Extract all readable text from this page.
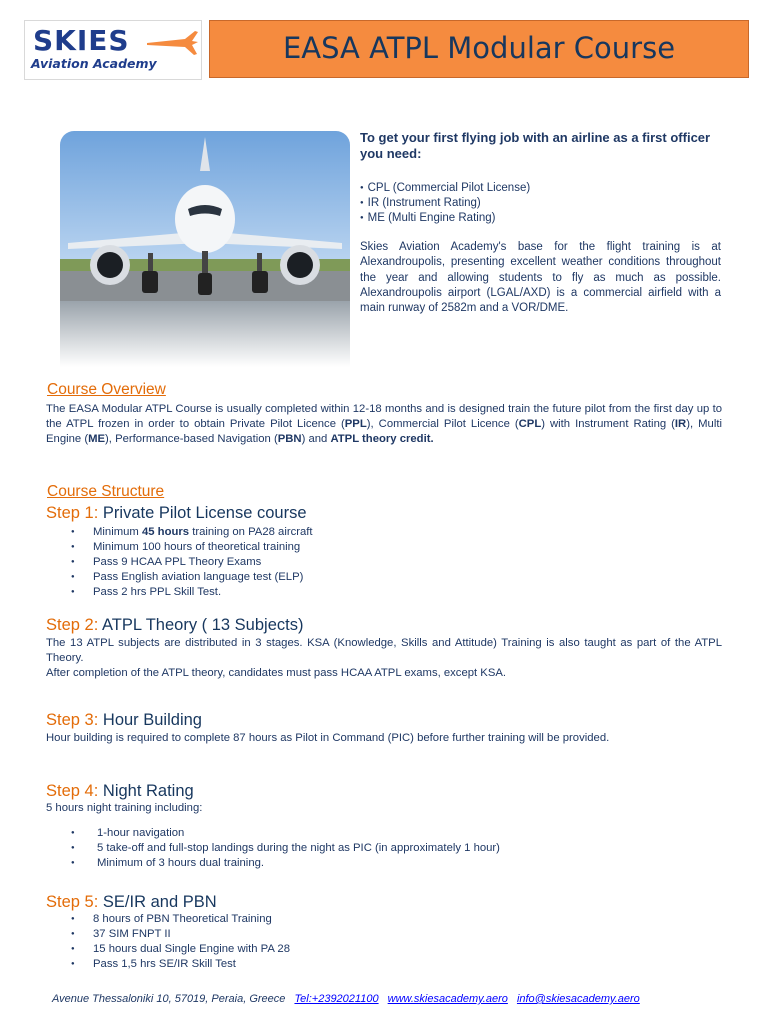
SKIES
Aviation Academy	EASA ATPL Modular Course
To get your first flying job with an airline as a first officer you need:
● CPL (Commercial Pilot License)
● IR (Instrument Rating)
● ME (Multi Engine Rating)

Skies Aviation Academy's base for the flight training is at Alexandroupolis, presenting excellent weather conditions throughout the year and allowing students to fly as much as possible. Alexandroupolis airport (LGAL/AXD) is a commercial airfield with a main runway of 2582m and a VOR/DME.

Course Overview

The EASA Modular ATPL Course is usually completed within 12-18 months and is designed train the future pilot from the first day up to the ATPL frozen in order to obtain Private Pilot Licence (PPL), Commercial Pilot Licence (CPL) with Instrument Rating (IR), Multi Engine (ME), Performance-based Navigation (PBN) and ATPL theory credit.

Course Structure
Step 1: Private Pilot License course
● Minimum 45 hours training on PA28 aircraft
● Minimum 100 hours of theoretical training
● Pass 9 HCAA PPL Theory Exams
● Pass English aviation language test (ELP)
● Pass 2 hrs PPL Skill Test.
Step 2: ATPL Theory ( 13 Subjects)

The 13 ATPL subjects are distributed in 3 stages. KSA (Knowledge, Skills and Attitude) Training is also taught as part of the ATPL Theory.
After completion of the ATPL theory, candidates must pass HCAA ATPL exams, except KSA.

Step 3: Hour Building

Hour building is required to complete 87 hours as Pilot in Command (PIC) before further training will be provided.

Step 4: Night Rating

5 hours night training including:

● 1-hour navigation
● 5 take-off and full-stop landings during the night as PIC (in approximately 1 hour)
● Minimum of 3 hours dual training.
Step 5: SE/IR and PBN
● 8 hours of PBN Theoretical Training
● 37 SIM FNPT II
● 15 hours dual Single Engine with PA 28
● Pass 1,5 hrs SE/IR Skill Test
Avenue Thessaloniki 10, 57019, Peraia, Greece Tel:+2392021100 www.skiesacademy.aero info@skiesacademy.aero
